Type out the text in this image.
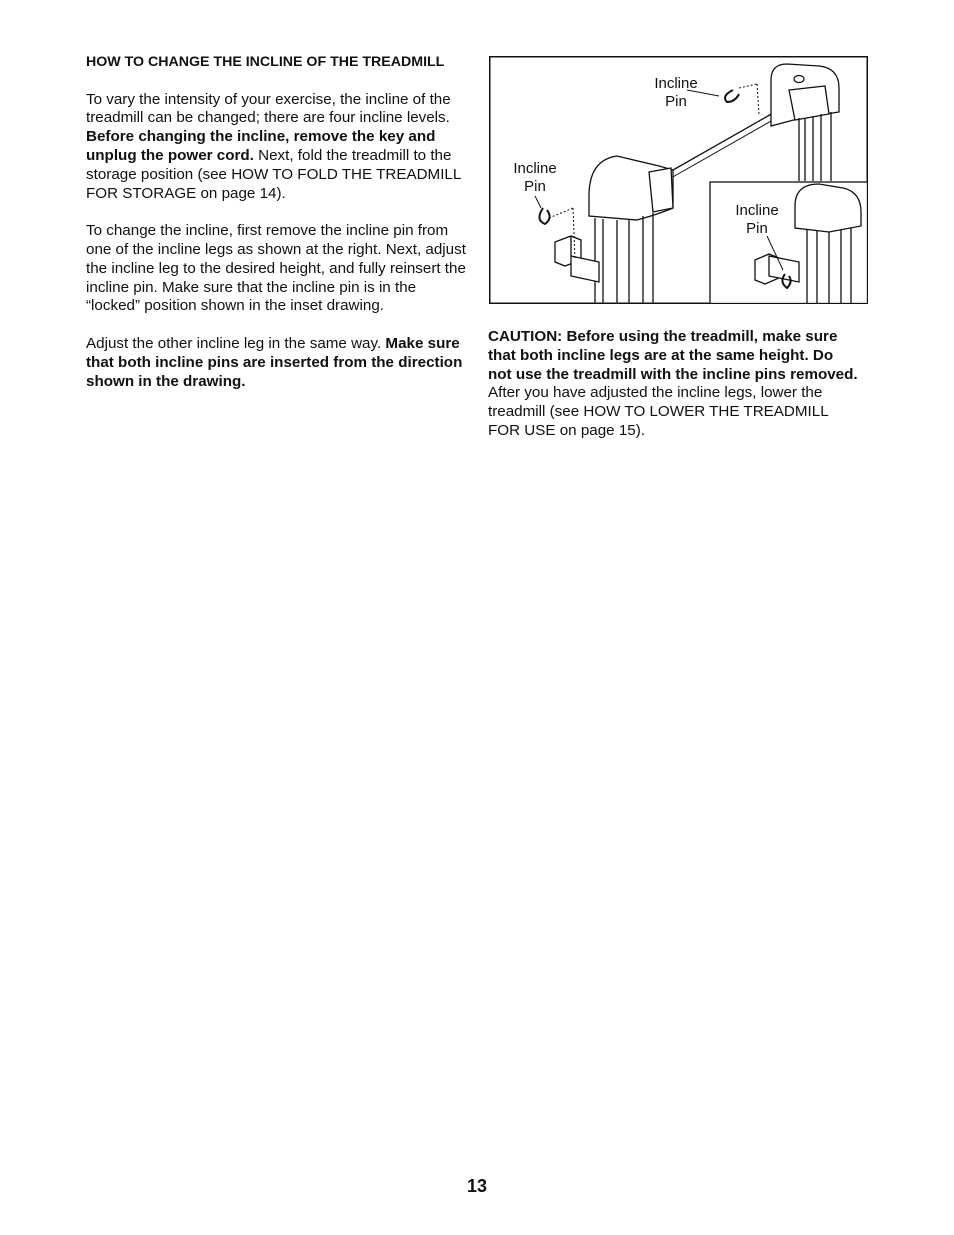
HOW TO CHANGE THE INCLINE OF THE TREADMILL

To vary the intensity of your exercise, the incline of the treadmill can be changed; there are four incline levels. Before changing the incline, remove the key and unplug the power cord. Next, fold the treadmill to the storage position (see HOW TO FOLD THE TREADMILL FOR STORAGE on page 14).

To change the incline, first remove the incline pin from one of the incline legs as shown at the right. Next, adjust the incline leg to the desired height, and fully reinsert the incline pin. Make sure that the incline pin is in the “locked” position shown in the inset drawing.

Adjust the other incline leg in the same way. Make sure that both incline pins are inserted from the direction shown in the drawing.

Incline
Pin
Incline
Pin
Incline
Pin

CAUTION: Before using the treadmill, make sure that both incline legs are at the same height. Do not use the treadmill with the incline pins removed. After you have adjusted the incline legs, lower the treadmill (see HOW TO LOWER THE TREADMILL FOR USE on page 15).

13
